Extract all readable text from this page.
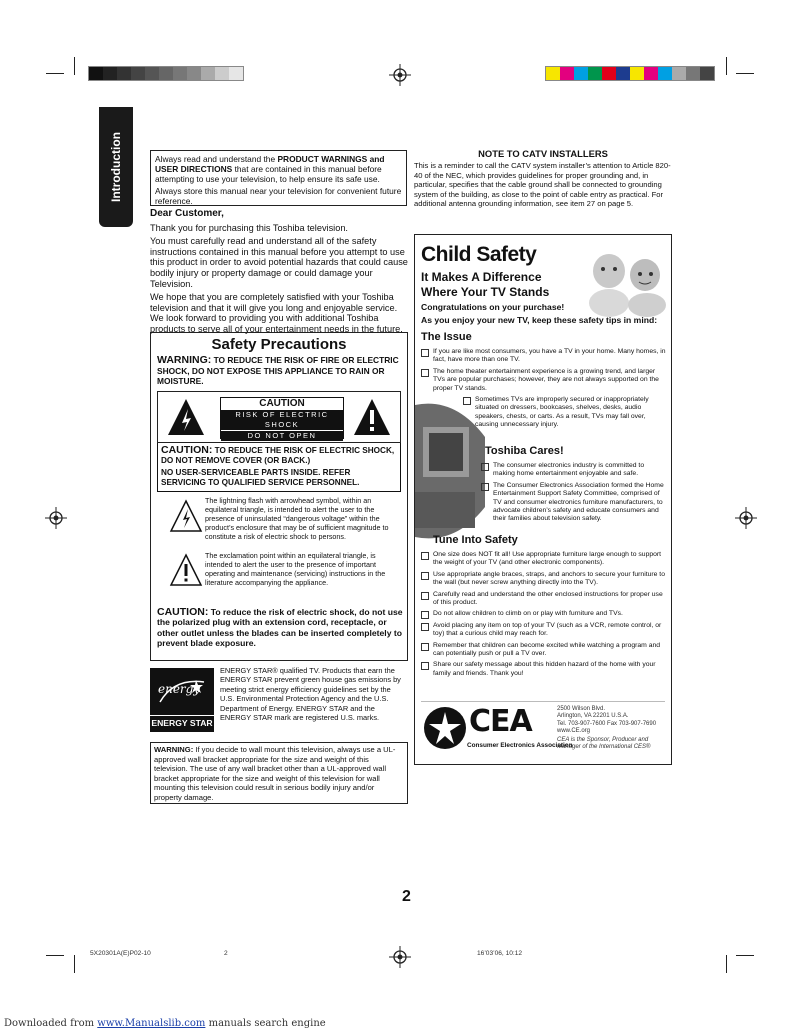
Introduction	Always read and understand the PRODUCT WARNINGS and USER DIRECTIONS that are contained in this manual before attempting to use your television, to help ensure its safe use.
Always store this manual near your television for convenient future reference.
Dear Customer,
Thank you for purchasing this Toshiba television.
You must carefully read and understand all of the safety instructions contained in this manual before you attempt to use this product in order to avoid potential hazards that could cause bodily injury or property damage or could damage your Television.
We hope that you are completely satisfied with your Toshiba television and that it will give you long and enjoyable service. We look forward to providing you with additional Toshiba products to serve all of your entertainment needs in the future.
Safety Precautions
WARNING: TO REDUCE THE RISK OF FIRE OR ELECTRIC SHOCK, DO NOT EXPOSE THIS APPLIANCE TO RAIN OR MOISTURE.
CAUTION
RISK OF ELECTRIC SHOCK
DO NOT OPEN
CAUTION: TO REDUCE THE RISK OF ELECTRIC SHOCK, DO NOT REMOVE COVER (OR BACK.)
NO USER-SERVICEABLE PARTS INSIDE. REFER SERVICING TO QUALIFIED SERVICE PERSONNEL.
The lightning flash with arrowhead symbol, within an equilateral triangle, is intended to alert the user to the presence of uninsulated “dangerous voltage” within the product’s enclosure that may be of sufficient magnitude to constitute a risk of electric shock to persons.
The exclamation point within an equilateral triangle, is intended to alert the user to the presence of important operating and maintenance (servicing) instructions in the literature accompanying the appliance.
CAUTION: To reduce the risk of electric shock, do not use the polarized plug with an extension cord, receptacle, or other outlet unless the blades can be inserted completely to prevent blade exposure.
energy
ENERGY STAR
ENERGY STAR® qualified TV. Products that earn the ENERGY STAR prevent green house gas emissions by meeting strict energy efficiency guidelines set by the U.S. Environmental Protection Agency and the U.S. Department of Energy. ENERGY STAR and the ENERGY STAR mark are registered U.S. marks.
WARNING: If you decide to wall mount this television, always use a UL-approved wall bracket appropriate for the size and weight of this television. The use of any wall bracket other than a UL-approved wall bracket appropriate for the size and weight of this television for wall mounting this television could result in serious bodily injury and/or property damage.
NOTE TO CATV INSTALLERS
This is a reminder to call the CATV system installer’s attention to Article 820-40 of the NEC, which provides guidelines for proper grounding and, in particular, specifies that the cable ground shall be connected to grounding system of the building, as close to the point of cable entry as practical. For additional antenna grounding information, see item 27 on page 5.
Child Safety
It Makes A Difference
Where Your TV Stands
Congratulations on your purchase!
As you enjoy your new TV, keep these safety tips in mind:
The Issue
If you are like most consumers, you have a TV in your home. Many homes, in fact, have more than one TV.
The home theater entertainment experience is a growing trend, and larger TVs are popular purchases; however, they are not always supported on the proper TV stands.
Sometimes TVs are improperly secured or inappropriately situated on dressers, bookcases, shelves, desks, audio speakers, chests, or carts. As a result, TVs may fall over, causing unnecessary injury.
Toshiba Cares!
The consumer electronics industry is committed to making home entertainment enjoyable and safe.
The Consumer Electronics Association formed the Home Entertainment Support Safety Committee, comprised of TV and consumer electronics furniture manufacturers, to advocate children’s safety and educate consumers and their families about television safety.
Tune Into Safety
One size does NOT fit all! Use appropriate furniture large enough to support the weight of your TV (and other electronic components).
Use appropriate angle braces, straps, and anchors to secure your furniture to the wall (but never screw anything directly into the TV).
Carefully read and understand the other enclosed instructions for proper use of this product.
Do not allow children to climb on or play with furniture and TVs.
Avoid placing any item on top of your TV (such as a VCR, remote control, or toy) that a curious child may reach for.
Remember that children can become excited while watching a program and can potentially push or pull a TV over.
Share our safety message about this hidden hazard of the home with your family and friends. Thank you!
CEA
Consumer Electronics Association
2500 Wilson Blvd.
Arlington, VA 22201 U.S.A.
Tel. 703-907-7600 Fax 703-907-7690
www.CE.org
CEA is the Sponsor, Producer and Manager of the International CES®
2
5X20301A(E)P02-10	2	16’03’06, 10:12
Downloaded from www.Manualslib.com manuals search engine
